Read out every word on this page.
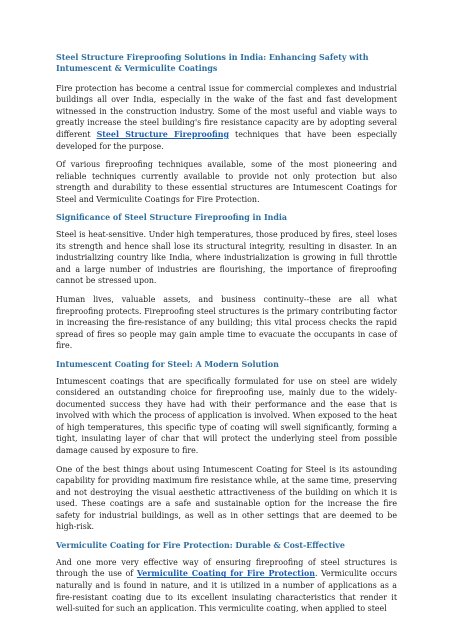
Steel Structure Fireproofing Solutions in India: Enhancing Safety with Intumescent & Vermiculite Coatings

Fire protection has become a central issue for commercial complexes and industrial buildings all over India, especially in the wake of the fast and fast development witnessed in the construction industry. Some of the most useful and viable ways to greatly increase the steel building's fire resistance capacity are by adopting several different Steel Structure Fireproofing techniques that have been especially developed for the purpose.

Of various fireproofing techniques available, some of the most pioneering and reliable techniques currently available to provide not only protection but also strength and durability to these essential structures are Intumescent Coatings for Steel and Vermiculite Coatings for Fire Protection.

Significance of Steel Structure Fireproofing in India

Steel is heat-sensitive. Under high temperatures, those produced by fires, steel loses its strength and hence shall lose its structural integrity, resulting in disaster. In an industrializing country like India, where industrialization is growing in full throttle and a large number of industries are flourishing, the importance of fireproofing cannot be stressed upon.

Human lives, valuable assets, and business continuity--these are all what fireproofing protects. Fireproofing steel structures is the primary contributing factor in increasing the fire-resistance of any building; this vital process checks the rapid spread of fires so people may gain ample time to evacuate the occupants in case of fire.

Intumescent Coating for Steel: A Modern Solution

Intumescent coatings that are specifically formulated for use on steel are widely considered an outstanding choice for fireproofing use, mainly due to the widely-documented success they have had with their performance and the ease that is involved with which the process of application is involved. When exposed to the heat of high temperatures, this specific type of coating will swell significantly, forming a tight, insulating layer of char that will protect the underlying steel from possible damage caused by exposure to fire.

One of the best things about using Intumescent Coating for Steel is its astounding capability for providing maximum fire resistance while, at the same time, preserving and not destroying the visual aesthetic attractiveness of the building on which it is used. These coatings are a safe and sustainable option for the increase the fire safety for industrial buildings, as well as in other settings that are deemed to be high-risk.

Vermiculite Coating for Fire Protection: Durable & Cost-Effective

And one more very effective way of ensuring fireproofing of steel structures is through the use of Vermiculite Coating for Fire Protection. Vermiculite occurs naturally and is found in nature, and it is utilized in a number of applications as a fire-resistant coating due to its excellent insulating characteristics that render it well-suited for such an application. This vermiculite coating, when applied to steel
